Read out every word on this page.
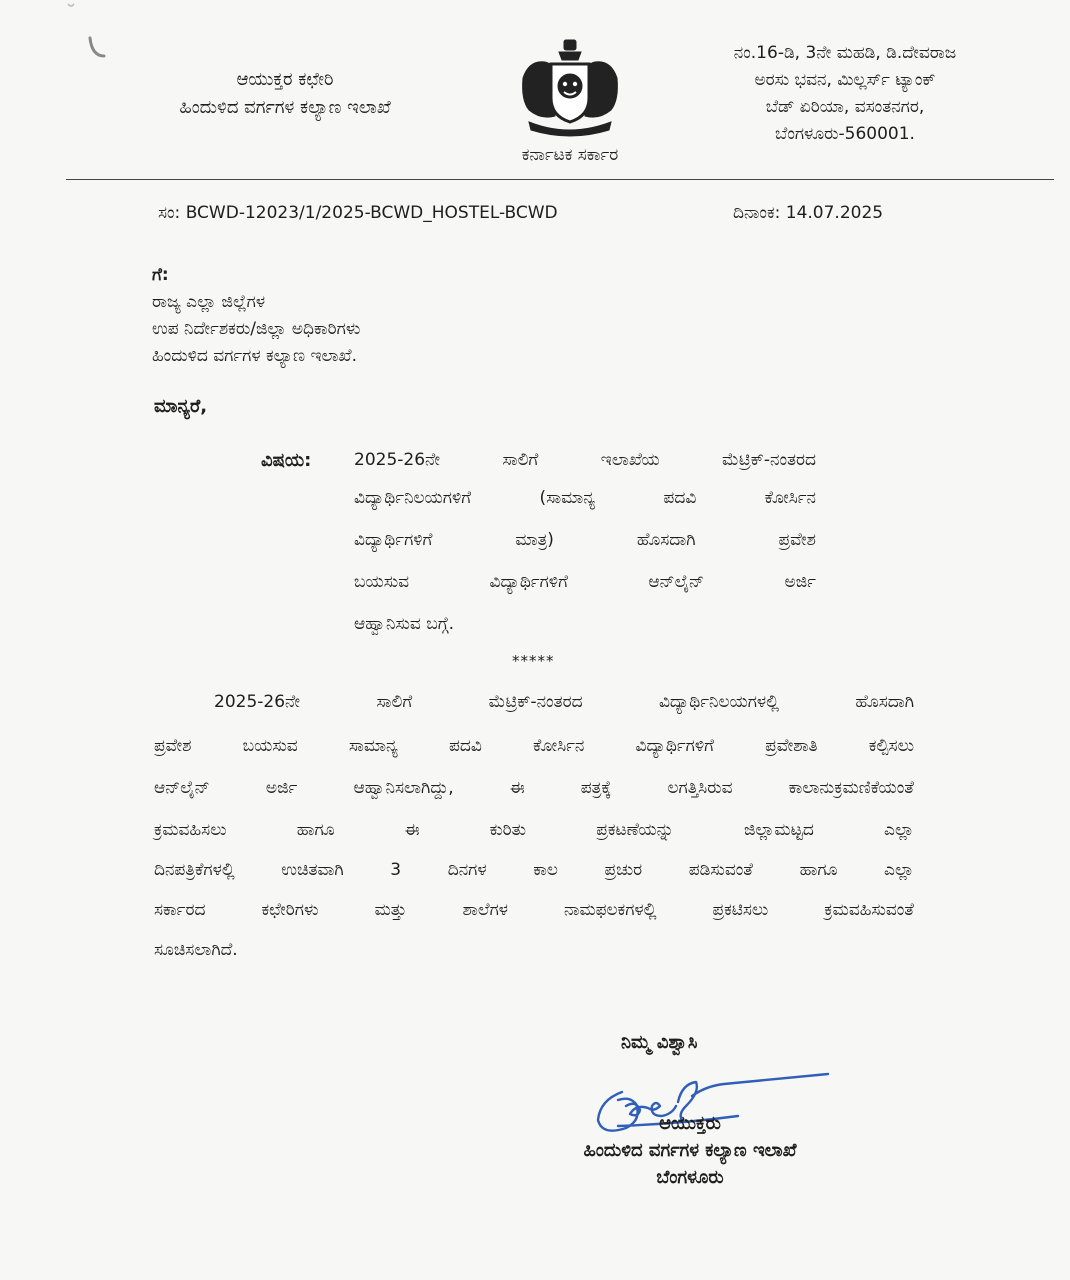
ಆಯುಕ್ತರ ಕಛೇರಿ
ಹಿಂದುಳಿದ ವರ್ಗಗಳ ಕಲ್ಯಾಣ ಇಲಾಖೆ
ಕರ್ನಾಟಕ ಸರ್ಕಾರ
ನಂ.16-ಡಿ, 3ನೇ ಮಹಡಿ, ಡಿ.ದೇವರಾಜ
ಅರಸು ಭವನ, ಮಿಲ್ಲರ್ಸ್ ಟ್ಯಾಂಕ್
ಬೆಡ್ ಏರಿಯಾ, ವಸಂತನಗರ,
ಬೆಂಗಳೂರು-560001.
ಸಂ: BCWD-12023/1/2025-BCWD_HOSTEL-BCWD	ದಿನಾಂಕ: 14.07.2025
ಗೆ:
ರಾಜ್ಯ ಎಲ್ಲಾ ಜಿಲ್ಲೆಗಳ
ಉಪ ನಿರ್ದೇಶಕರು/ಜಿಲ್ಲಾ ಅಧಿಕಾರಿಗಳು
ಹಿಂದುಳಿದ ವರ್ಗಗಳ ಕಲ್ಯಾಣ ಇಲಾಖೆ.
ಮಾನ್ಯರೆ,
ವಿಷಯ:	2025-26ನೇ ಸಾಲಿಗೆ ಇಲಾಖೆಯ ಮೆಟ್ರಿಕ್-ನಂತರದ
ವಿದ್ಯಾರ್ಥಿನಿಲಯಗಳಿಗೆ (ಸಾಮಾನ್ಯ ಪದವಿ ಕೋರ್ಸಿನ
ವಿದ್ಯಾರ್ಥಿಗಳಿಗೆ ಮಾತ್ರ) ಹೊಸದಾಗಿ ಪ್ರವೇಶ
ಬಯಸುವ ವಿದ್ಯಾರ್ಥಿಗಳಿಗೆ ಆನ್‌ಲೈನ್ ಅರ್ಜಿ
ಆಹ್ವಾನಿಸುವ ಬಗ್ಗೆ.
*****
2025-26ನೇ ಸಾಲಿಗೆ ಮೆಟ್ರಿಕ್-ನಂತರದ ವಿದ್ಯಾರ್ಥಿನಿಲಯಗಳಲ್ಲಿ ಹೊಸದಾಗಿ
ಪ್ರವೇಶ ಬಯಸುವ ಸಾಮಾನ್ಯ ಪದವಿ ಕೋರ್ಸಿನ ವಿದ್ಯಾರ್ಥಿಗಳಿಗೆ ಪ್ರವೇಶಾತಿ ಕಲ್ಪಿಸಲು
ಆನ್‌ಲೈನ್ ಅರ್ಜಿ ಆಹ್ವಾನಿಸಲಾಗಿದ್ದು, ಈ ಪತ್ರಕ್ಕೆ ಲಗತ್ತಿಸಿರುವ ಕಾಲಾನುಕ್ರಮಣಿಕೆಯಂತೆ
ಕ್ರಮವಹಿಸಲು ಹಾಗೂ ಈ ಕುರಿತು ಪ್ರಕಟಣೆಯನ್ನು ಜಿಲ್ಲಾಮಟ್ಟದ ಎಲ್ಲಾ
ದಿನಪತ್ರಿಕೆಗಳಲ್ಲಿ ಉಚಿತವಾಗಿ 3 ದಿನಗಳ ಕಾಲ ಪ್ರಚುರ ಪಡಿಸುವಂತೆ ಹಾಗೂ ಎಲ್ಲಾ
ಸರ್ಕಾರದ ಕಛೇರಿಗಳು ಮತ್ತು ಶಾಲೆಗಳ ನಾಮಫಲಕಗಳಲ್ಲಿ ಪ್ರಕಟಿಸಲು ಕ್ರಮವಹಿಸುವಂತೆ
ಸೂಚಿಸಲಾಗಿದೆ.
ನಿಮ್ಮ ವಿಶ್ವಾಸಿ
ಆಯುಕ್ತರು
ಹಿಂದುಳಿದ ವರ್ಗಗಳ ಕಲ್ಯಾಣ ಇಲಾಖೆ
ಬೆಂಗಳೂರು
